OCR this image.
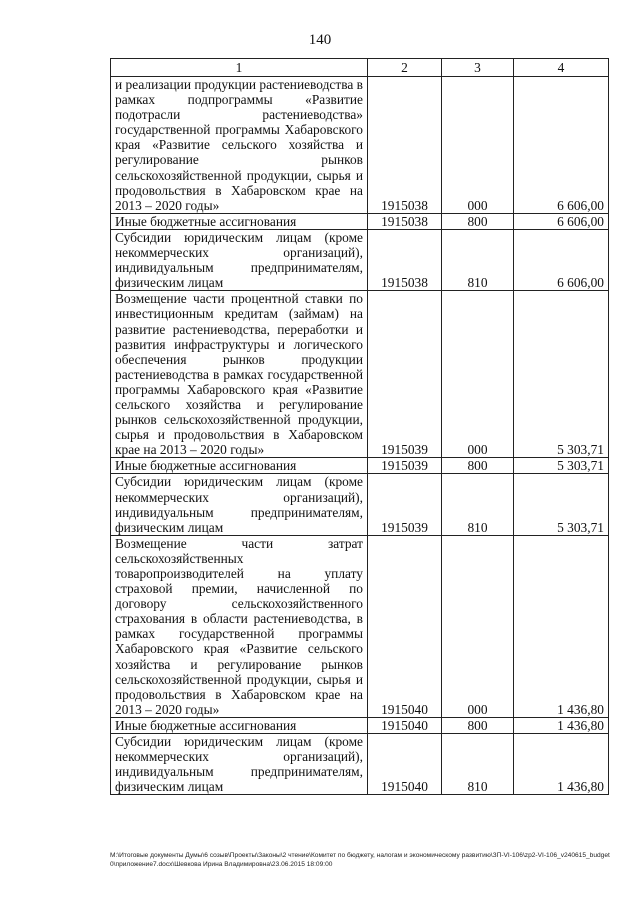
140
1	2	3	4
и реализации продукции растениеводства в рамках подпрограммы «Развитие подотрасли растениеводства» государственной программы Хабаровского края «Развитие сельского хозяйства и регулирование рынков сельскохозяйственной продукции, сырья и продовольствия в Хабаровском крае на 2013 – 2020 годы»	1915038	000	6 606,00
Иные бюджетные ассигнования	1915038	800	6 606,00
Субсидии юридическим лицам (кроме некоммерческих организаций), индивидуальным предпринимателям, физическим лицам	1915038	810	6 606,00
Возмещение части процентной ставки по инвестиционным кредитам (займам) на развитие растениеводства, переработки и развития инфраструктуры и логического обеспечения рынков продукции растениеводства в рамках государственной программы Хабаровского края «Развитие сельского хозяйства и регулирование рынков сельскохозяйственной продукции, сырья и продовольствия в Хабаровском крае на 2013 – 2020 годы»	1915039	000	5 303,71
Иные бюджетные ассигнования	1915039	800	5 303,71
Субсидии юридическим лицам (кроме некоммерческих организаций), индивидуальным предпринимателям, физическим лицам	1915039	810	5 303,71
Возмещение части затрат сельскохозяйственных товаропроизводителей на уплату страховой премии, начисленной по договору сельскохозяйственного страхования в области растениеводства, в рамках государственной программы Хабаровского края «Развитие сельского хозяйства и регулирование рынков сельскохозяйственной продукции, сырья и продовольствия в Хабаровском крае на 2013 – 2020 годы»	1915040	000	1 436,80
Иные бюджетные ассигнования	1915040	800	1 436,80
Субсидии юридическим лицам (кроме некоммерческих организаций), индивидуальным предпринимателям, физическим лицам	1915040	810	1 436,80
M:\Итоговые документы Думы\6 созыв\Проекты\Законы\2 чтение\Комитет по бюджету, налогам и экономическому развитию\ЗП-VI-106\zp2-VI-106_v240615_budget0\приложение7.docx\Шевкова Ирина Владимировна\23.06.2015 18:09:00
